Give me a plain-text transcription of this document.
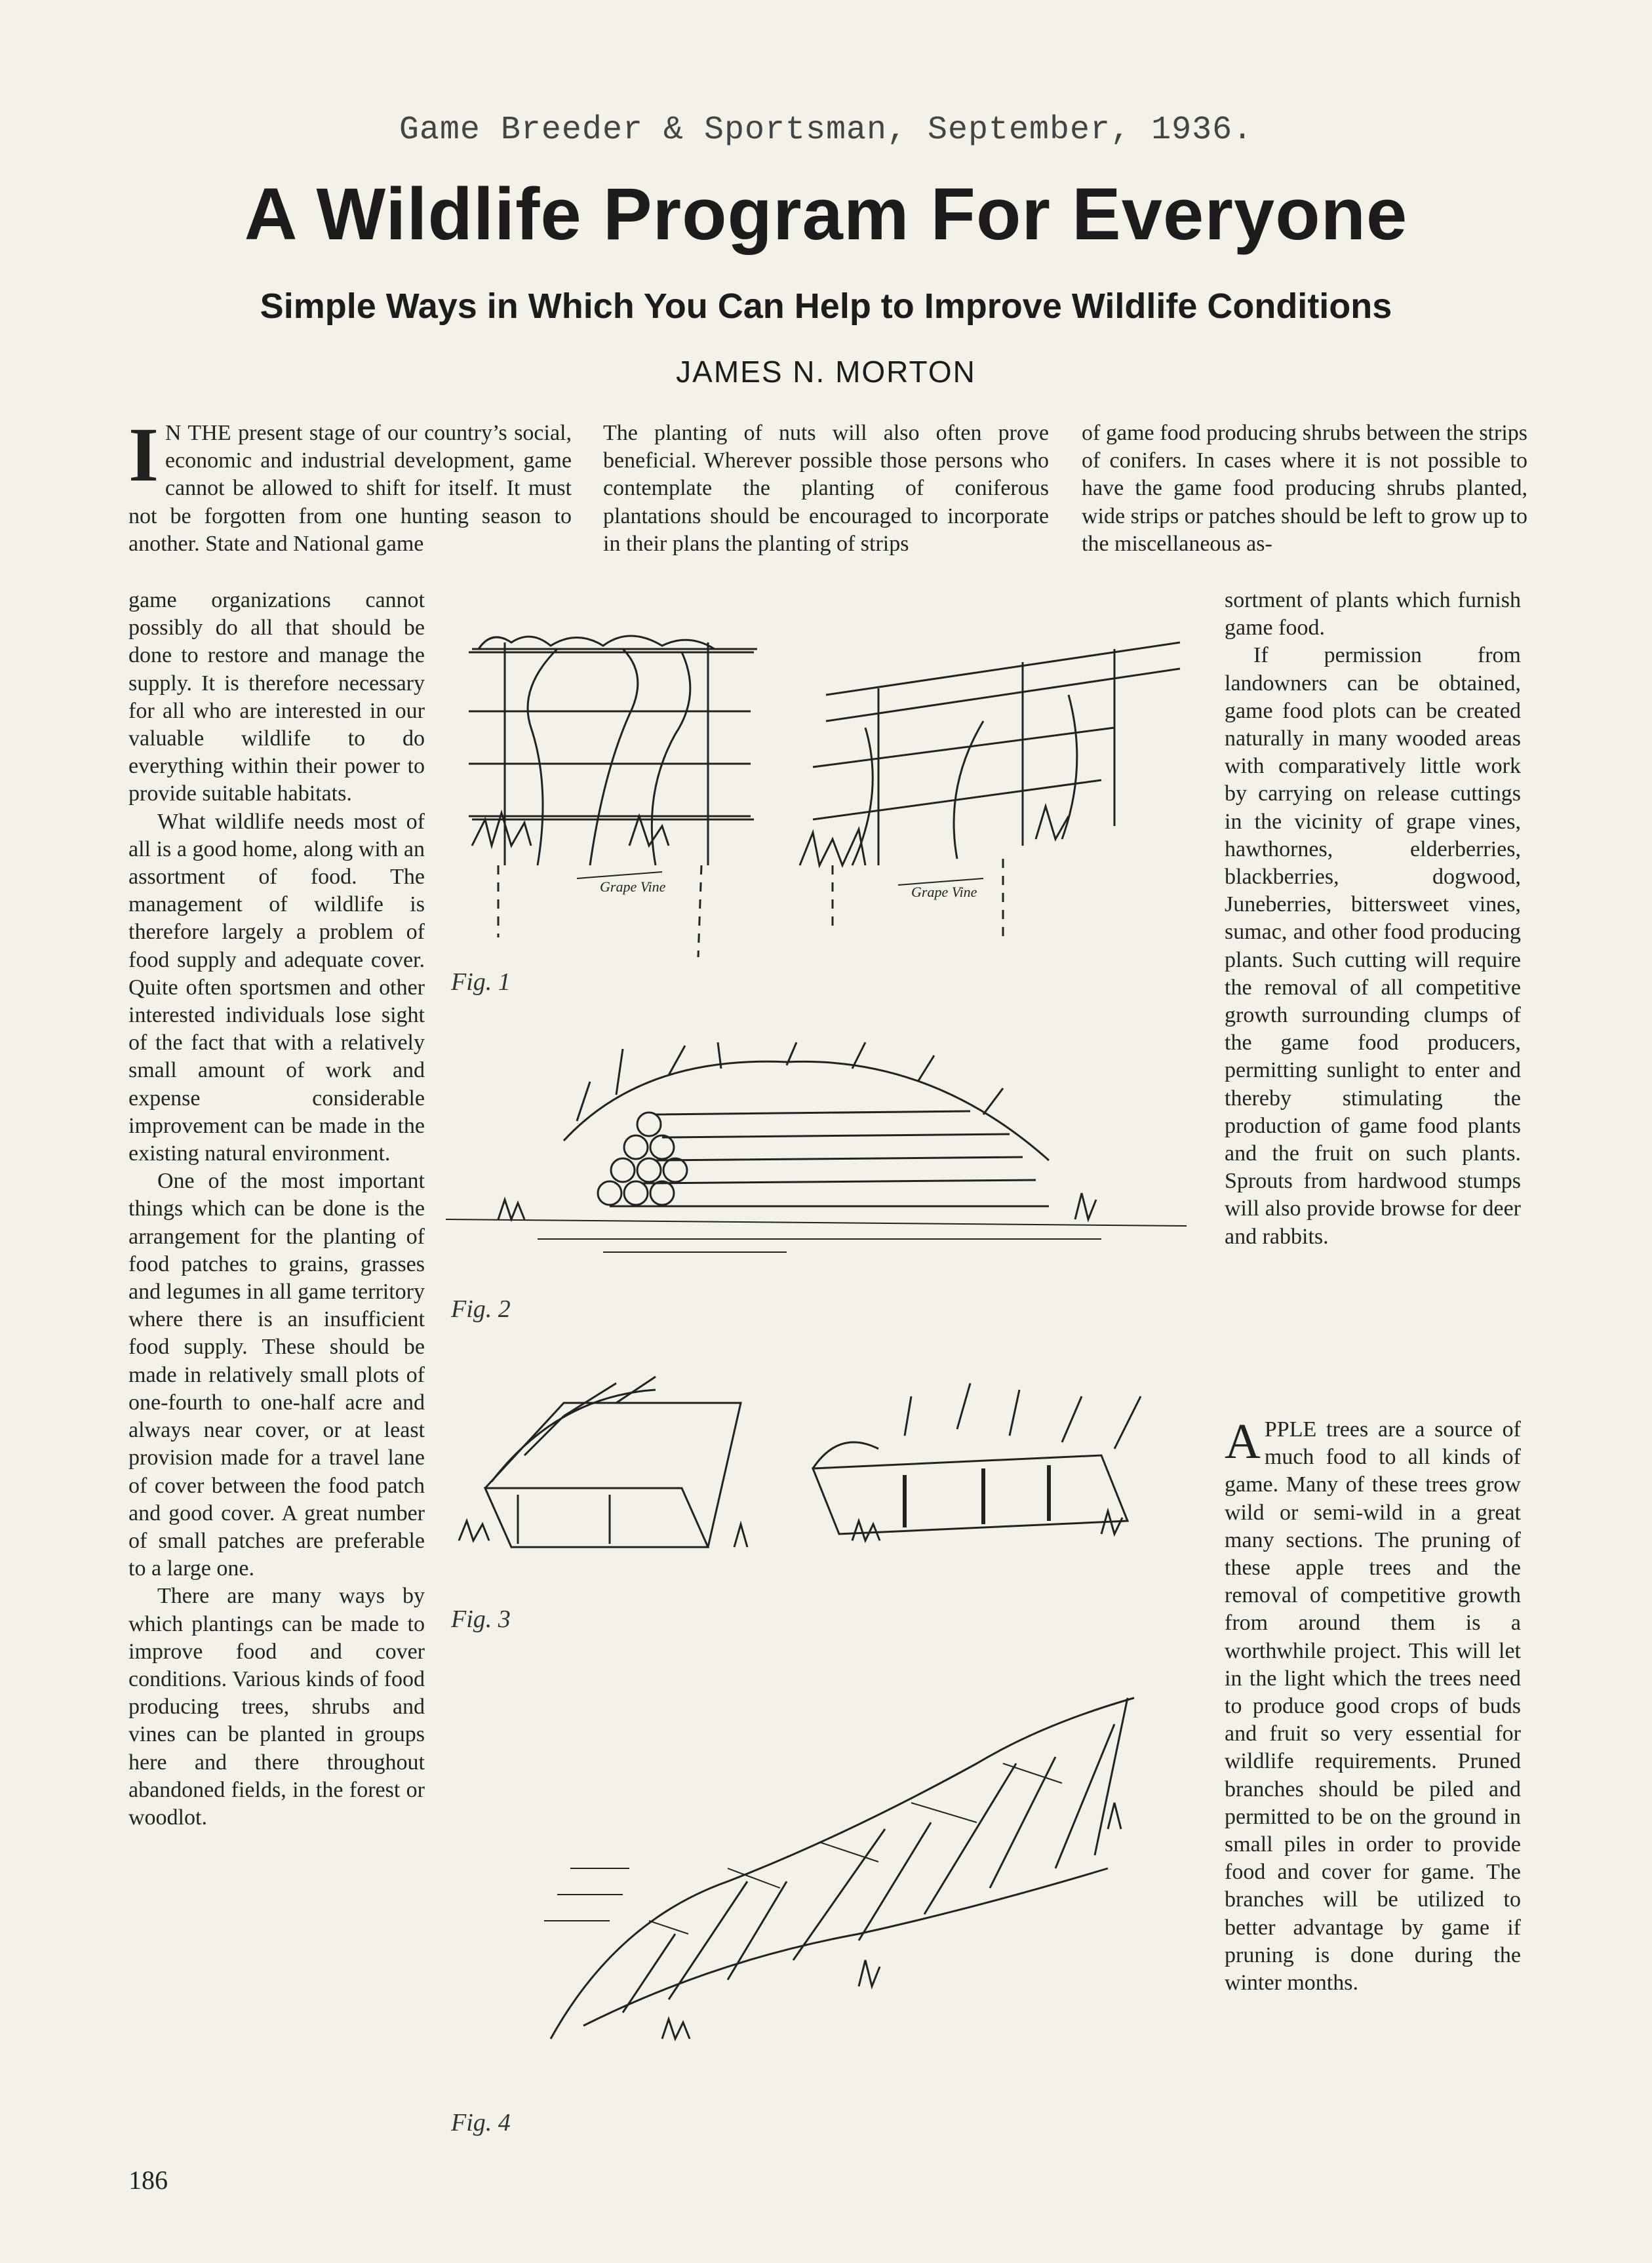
Game Breeder & Sportsman, September, 1936.
A Wildlife Program For Everyone
Simple Ways in Which You Can Help to Improve Wildlife Conditions
JAMES N. MORTON

I N THE present stage of our country’s social, economic and industrial development, game cannot be allowed to shift for itself. It must not be forgotten from one hunting season to another. State and National game

game organizations cannot possibly do all that should be done to restore and manage the supply. It is therefore necessary for all who are interested in our valuable wildlife to do everything within their power to provide suitable habitats.

What wildlife needs most of all is a good home, along with an assortment of food. The management of wildlife is therefore largely a problem of food supply and adequate cover. Quite often sportsmen and other interested individuals lose sight of the fact that with a relatively small amount of work and expense considerable improvement can be made in the existing natural environment.

One of the most important things which can be done is the arrangement for the planting of food patches to grains, grasses and legumes in all game territory where there is an insufficient food supply. These should be made in relatively small plots of one-fourth to one-half acre and always near cover, or at least provision made for a travel lane of cover between the food patch and good cover. A great number of small patches are preferable to a large one.

There are many ways by which plantings can be made to improve food and cover conditions. Various kinds of food producing trees, shrubs and vines can be planted in groups here and there throughout abandoned fields, in the forest or woodlot.

The planting of nuts will also often prove beneficial. Wherever possible those persons who contemplate the planting of coniferous plantations should be encouraged to incorporate in their plans the planting of strips

of game food producing shrubs between the strips of conifers. In cases where it is not possible to have the game food producing shrubs planted, wide strips or patches should be left to grow up to the miscellaneous as-

sortment of plants which furnish game food.

If permission from landowners can be obtained, game food plots can be created naturally in many wooded areas with comparatively little work by carrying on release cuttings in the vicinity of grape vines, hawthornes, elderberries, blackberries, dogwood, Juneberries, bittersweet vines, sumac, and other food producing plants. Such cutting will require the removal of all competitive growth surrounding clumps of the game food producers, permitting sunlight to enter and thereby stimulating the production of game food plants and the fruit on such plants. Sprouts from hardwood stumps will also provide browse for deer and rabbits.

APPLE trees are a source of much food to all kinds of game. Many of these trees grow wild or semi-wild in a great many sections. The pruning of these apple trees and the removal of competitive growth from around them is a worthwhile project. This will let in the light which the trees need to produce good crops of buds and fruit so very essential for wildlife requirements. Pruned branches should be piled and permitted to be on the ground in small piles in order to provide food and cover for game. The branches will be utilized to better advantage by game if pruning is done during the winter months.

Grape Vine	Grape Vine
Fig. 1
Fig. 2
Fig. 3
Fig. 4
186
